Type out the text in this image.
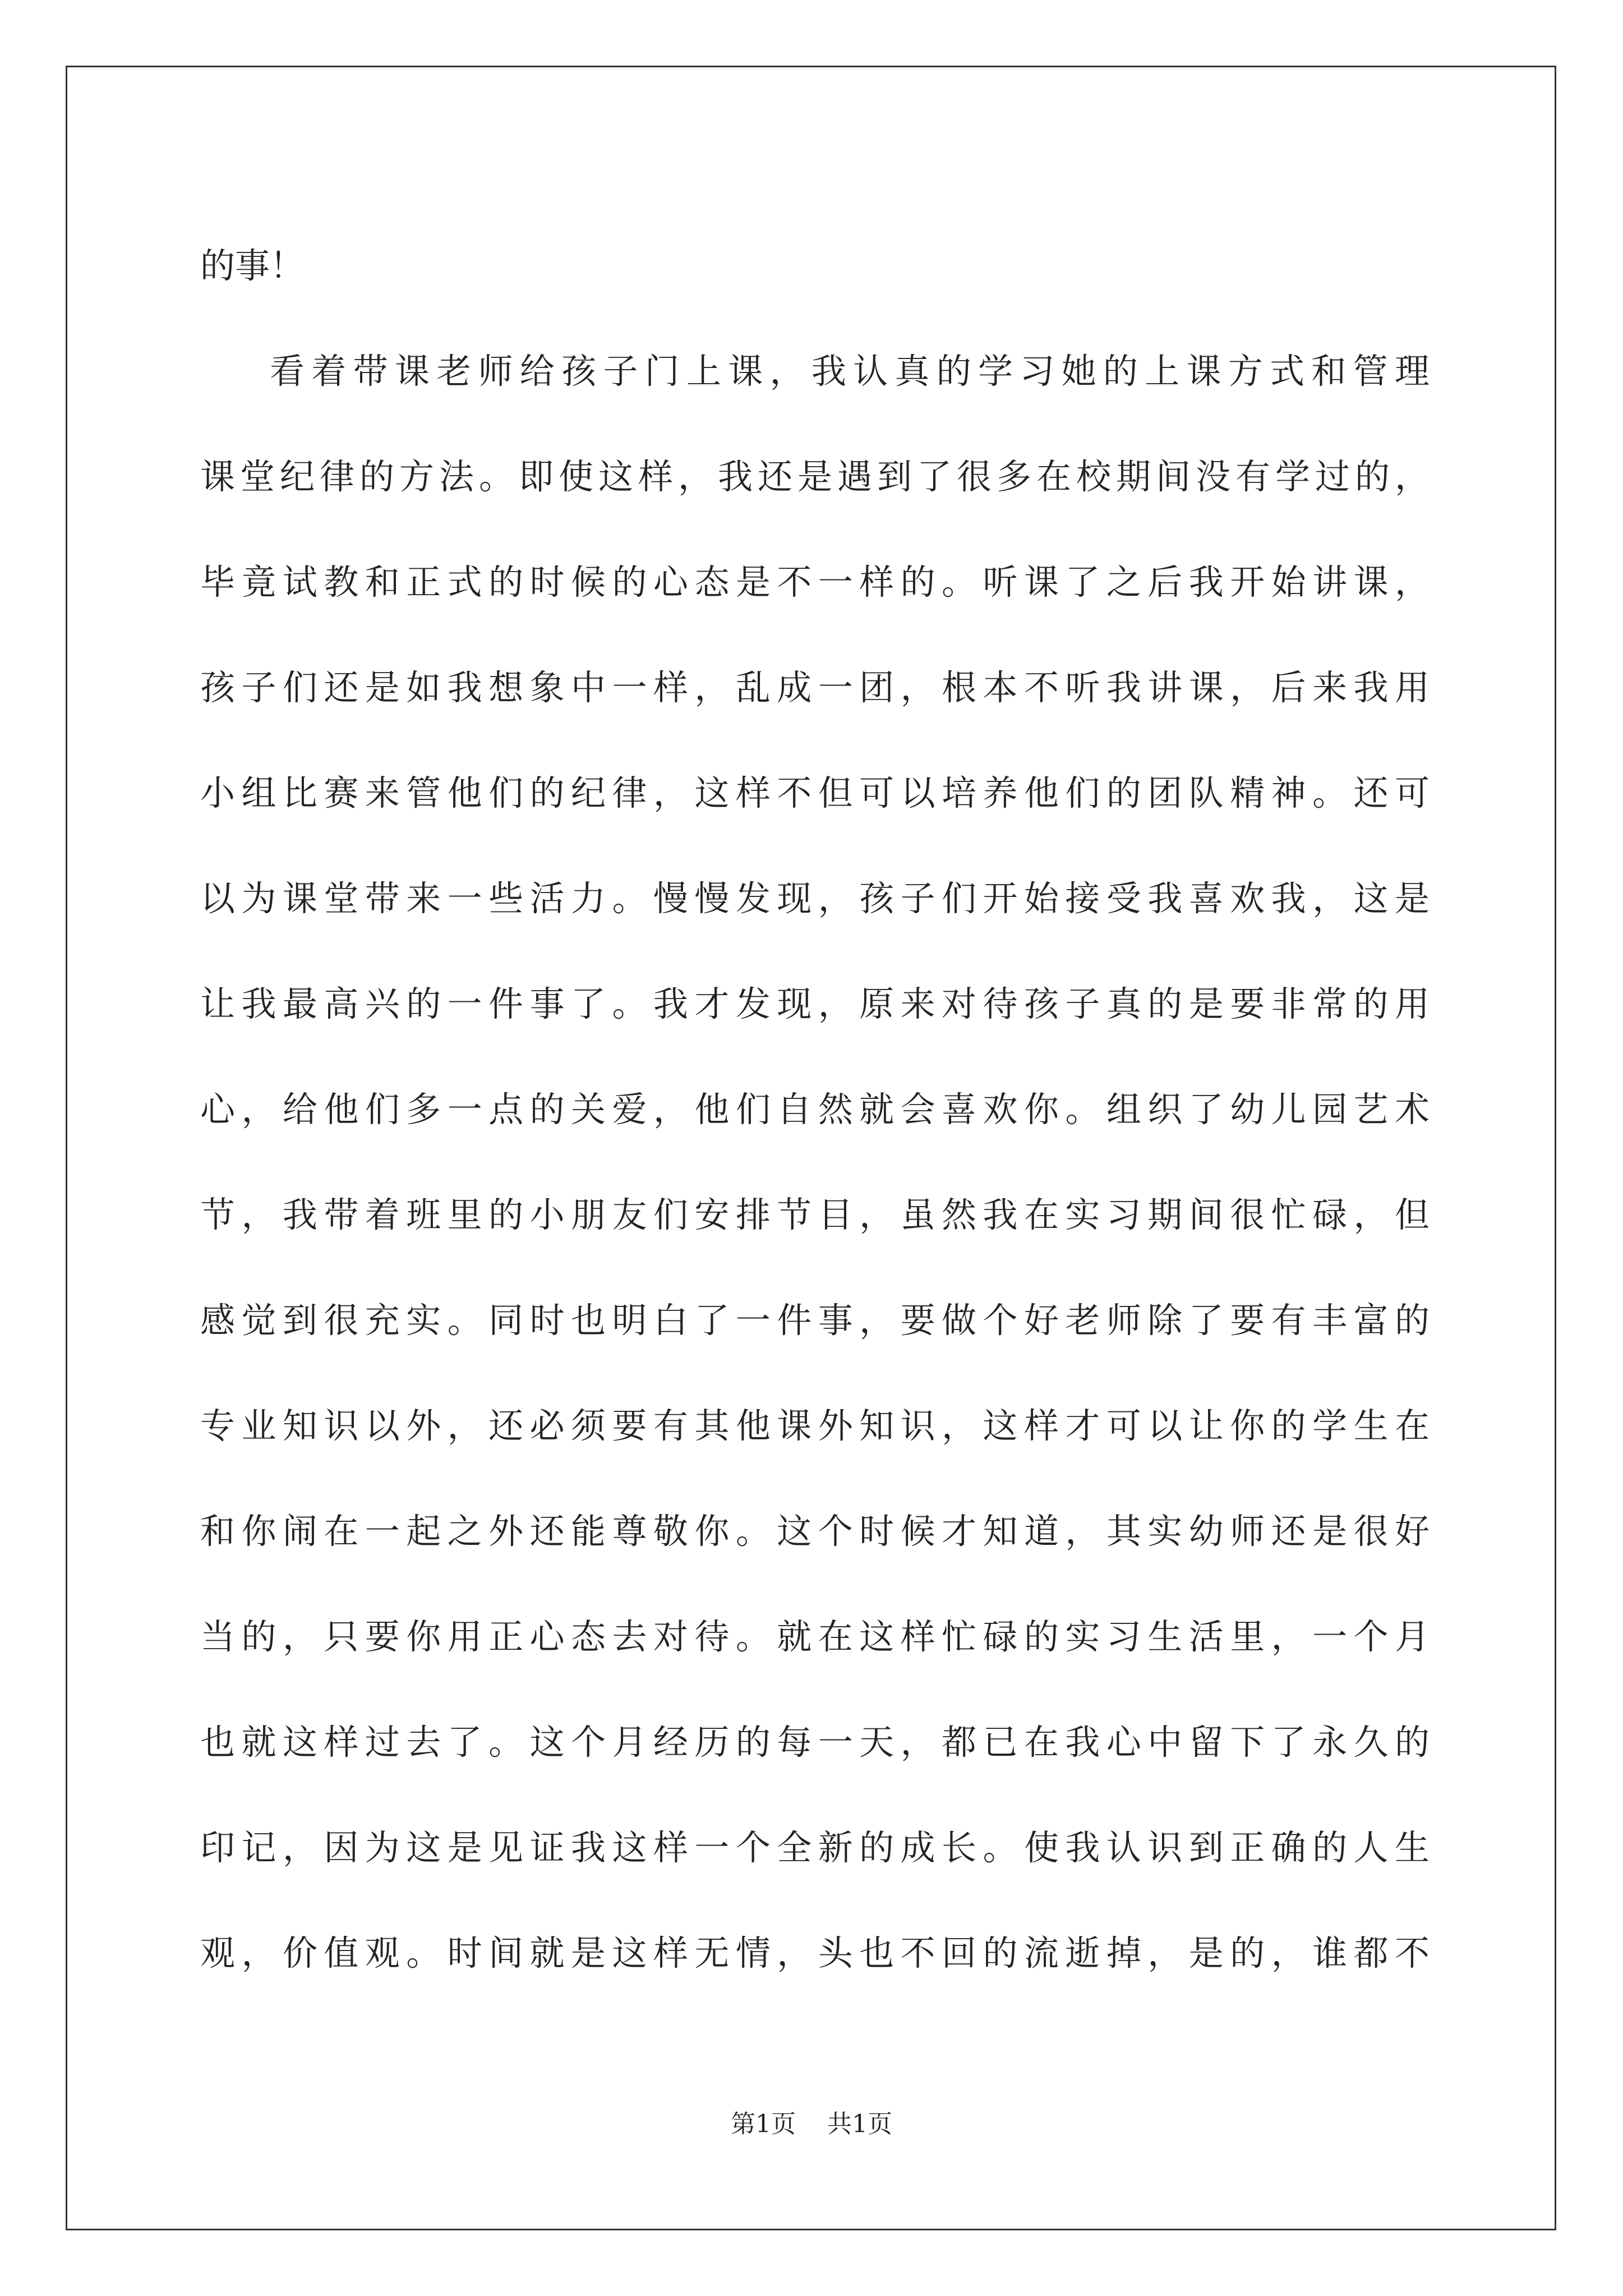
的事！

看着带课老师给孩子门上课，我认真的学习她的上课方式和管理

课堂纪律的方法。即使这样，我还是遇到了很多在校期间没有学过的，

毕竟试教和正式的时候的心态是不一样的。听课了之后我开始讲课，

孩子们还是如我想象中一样，乱成一团，根本不听我讲课，后来我用

小组比赛来管他们的纪律，这样不但可以培养他们的团队精神。还可

以为课堂带来一些活力。慢慢发现，孩子们开始接受我喜欢我，这是

让我最高兴的一件事了。我才发现，原来对待孩子真的是要非常的用

心，给他们多一点的关爱，他们自然就会喜欢你。组织了幼儿园艺术

节，我带着班里的小朋友们安排节目，虽然我在实习期间很忙碌，但

感觉到很充实。同时也明白了一件事，要做个好老师除了要有丰富的

专业知识以外，还必须要有其他课外知识，这样才可以让你的学生在

和你闹在一起之外还能尊敬你。这个时候才知道，其实幼师还是很好

当的，只要你用正心态去对待。就在这样忙碌的实习生活里，一个月

也就这样过去了。这个月经历的每一天，都已在我心中留下了永久的

印记，因为这是见证我这样一个全新的成长。使我认识到正确的人生

观，价值观。时间就是这样无情，头也不回的流逝掉，是的，谁都不

第1页    共1页
